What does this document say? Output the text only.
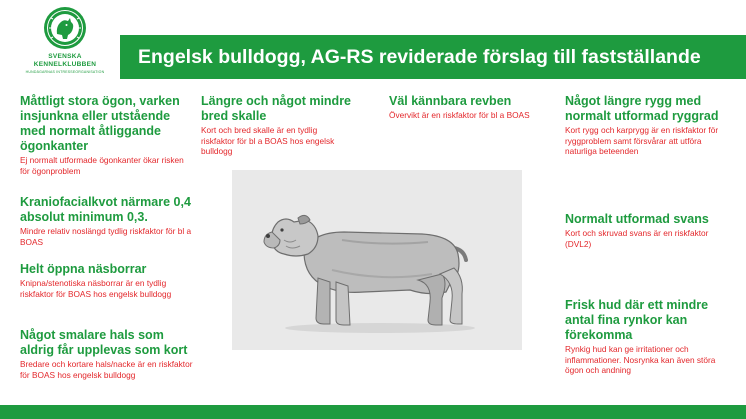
SVENSKA
KENNELKLUBBEN
HUNDÄGARNAS INTRESSEORGANISATION
Engelsk bulldogg, AG-RS reviderade förslag till fastställande
Måttligt stora ögon, varken insjunkna eller utstående med normalt åtliggande ögonkanter
Ej normalt utformade ögonkanter ökar risken för ögonproblem
Kraniofacialkvot närmare 0,4 absolut minimum 0,3.
Mindre relativ noslängd tydlig riskfaktor för bl a BOAS
Helt öppna näsborrar
Knipna/stenotiska näsborrar är en tydlig riskfaktor för BOAS hos engelsk bulldogg
Något smalare hals som aldrig får upplevas som kort
Bredare och kortare hals/nacke är en riskfaktor för BOAS hos engelsk bulldogg
Längre och något mindre bred skalle
Kort och bred skalle är en tydlig riskfaktor för bl a BOAS hos engelsk bulldogg
Väl kännbara revben
Övervikt är en riskfaktor för bl a BOAS
Något längre rygg med normalt utformad ryggrad
Kort rygg och karprygg är en riskfaktor för ryggproblem samt försvårar att utföra naturliga beteenden
Normalt utformad svans
Kort och skruvad svans är en riskfaktor (DVL2)
Frisk hud där ett mindre antal fina rynkor kan förekomma
Rynkig hud kan ge irritationer och inflammationer. Nosrynka kan även störa ögon och andning
